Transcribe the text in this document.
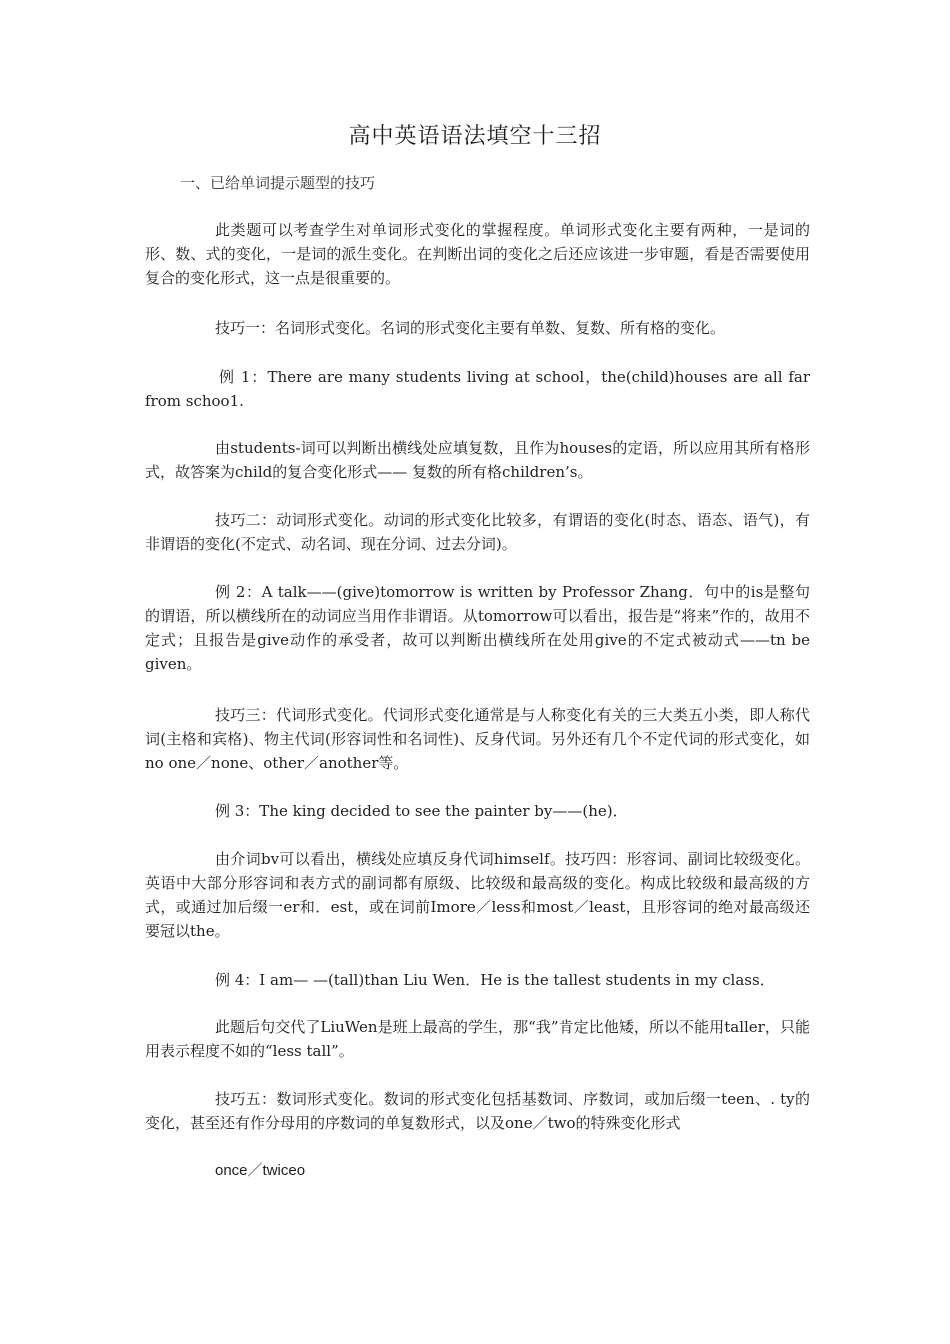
高中英语语法填空十三招
一、已给单词提示题型的技巧
此类题可以考查学生对单词形式变化的掌握程度。单词形式变化主要有两种，一是词的形、数、式的变化，一是词的派生变化。在判断出词的变化之后还应该进一步审题，看是否需要使用复合的变化形式，这一点是很重要的。
技巧一：名词形式变化。名词的形式变化主要有单数、复数、所有格的变化。
例 1：There are many students living at school，the(child)houses are all far from schoo1.
由students-词可以判断出横线处应填复数，且作为houses的定语，所以应用其所有格形式，故答案为child的复合变化形式—— 复数的所有格children’s。
技巧二：动词形式变化。动词的形式变化比较多，有谓语的变化(时态、语态、语气)，有非谓语的变化(不定式、动名词、现在分词、过去分词)。
例 2：A talk——(give)tomorrow is written by Professor Zhang．句中的is是整句的谓语，所以横线所在的动词应当用作非谓语。从tomorrow可以看出，报告是“将来”作的，故用不定式；且报告是give动作的承受者，故可以判断出横线所在处用give的不定式被动式——tn be given。
技巧三：代词形式变化。代词形式变化通常是与人称变化有关的三大类五小类，即人称代词(主格和宾格)、物主代词(形容词性和名词性)、反身代词。另外还有几个不定代词的形式变化，如no one／none、other／another等。
例 3：The king decided to see the painter by——(he)．
由介词bv可以看出，横线处应填反身代词himself。技巧四：形容词、副词比较级变化。英语中大部分形容词和表方式的副词都有原级、比较级和最高级的变化。构成比较级和最高级的方式，或通过加后缀一er和．est，或在词前Imore／less和most／least，且形容词的绝对最高级还要冠以the。
例 4：I am— —(tall)than Liu Wen．He is the tallest students in my class．
此题后句交代了LiuWen是班上最高的学生，那“我”肯定比他矮，所以不能用taller，只能用表示程度不如的“less tall”。
技巧五：数词形式变化。数词的形式变化包括基数词、序数词，或加后缀一teen、. ty的变化，甚至还有作分母用的序数词的单复数形式，以及one／two的特殊变化形式
once／twiceo
